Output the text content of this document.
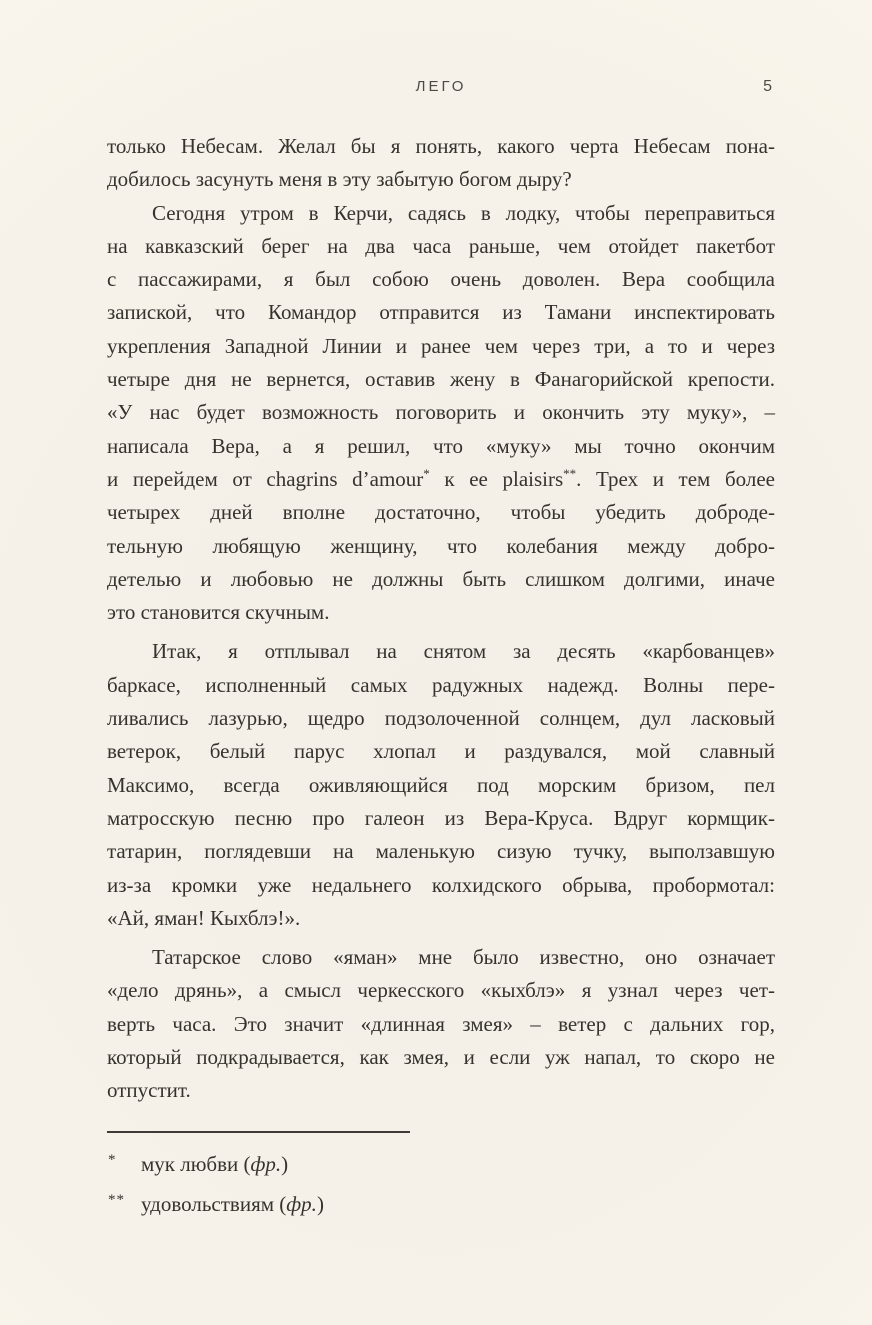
ЛЕГО	5
только Небесам. Желал бы я понять, какого черта Небесам пона-
добилось засунуть меня в эту забытую богом дыру?
Сегодня утром в Керчи, садясь в лодку, чтобы переправиться
на кавказский берег на два часа раньше, чем отойдет пакетбот
с пассажирами, я был собою очень доволен. Вера сообщила
запиской, что Командор отправится из Тамани инспектировать
укрепления Западной Линии и ранее чем через три, а то и через
четыре дня не вернется, оставив жену в Фанагорийской крепости.
«У нас будет возможность поговорить и окончить эту муку», –
написала Вера, а я решил, что «муку» мы точно окончим
и перейдем от chagrins d’amour* к ее plaisirs**. Трех и тем более
четырех дней вполне достаточно, чтобы убедить доброде-
тельную любящую женщину, что колебания между добро-
детелью и любовью не должны быть слишком долгими, иначе
это становится скучным.
Итак, я отплывал на снятом за десять «карбованцев»
баркасе, исполненный самых радужных надежд. Волны пере-
ливались лазурью, щедро подзолоченной солнцем, дул ласковый
ветерок, белый парус хлопал и раздувался, мой славный
Максимо, всегда оживляющийся под морским бризом, пел
матросскую песню про галеон из Вера-Круса. Вдруг кормщик-
татарин, поглядевши на маленькую сизую тучку, выползавшую
из-за кромки уже недальнего колхидского обрыва, пробормотал:
«Ай, яман! Кыхблэ!».
Татарское слово «яман» мне было известно, оно означает
«дело дрянь», а смысл черкесского «кыхблэ» я узнал через чет-
верть часа. Это значит «длинная змея» – ветер с дальних гор,
который подкрадывается, как змея, и если уж напал, то скоро не
отпустит.
* мук любви (фр.)
** удовольствиям (фр.)
